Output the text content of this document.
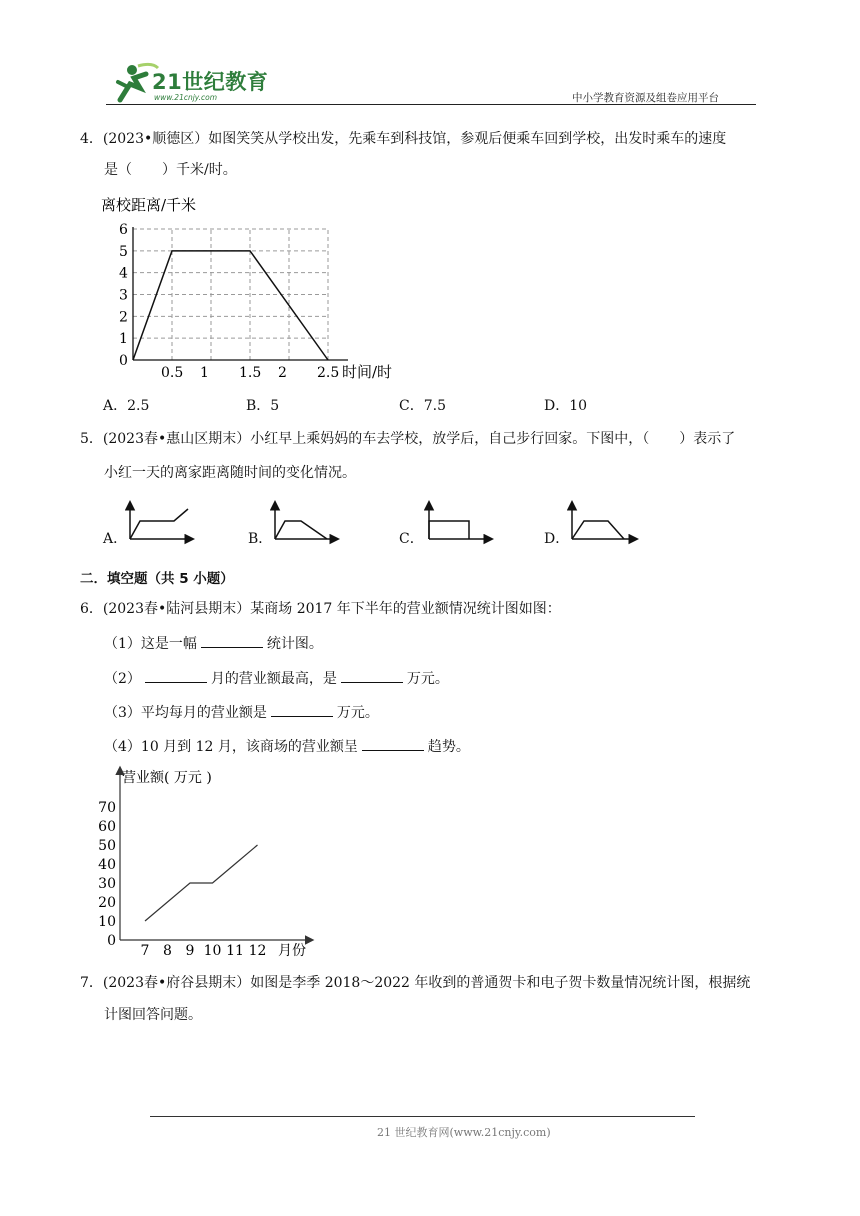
21世纪教育
www.21cnjy.com	中小学教育资源及组卷应用平台
4．(2023•顺德区）如图笑笑从学校出发，先乘车到科技馆，参观后便乘车回到学校，出发时乘车的速度
是（ ）千米/时。
离校距离/千米
0
1
2
3
4
5
6
0.5 1 1.5 2 2.5 时间/时
A．2.5	B．5	C．7.5	D．10
5．(2023春•惠山区期末）小红早上乘妈妈的车去学校，放学后，自己步行回家。下图中，（ ）表示了
小红一天的离家距离随时间的变化情况。
A．	B．	C．	D．
二．填空题（共 5 小题）
6．(2023春•陆河县期末）某商场 2017 年下半年的营业额情况统计图如图：
（1）这是一幅	统计图。
（2）	月的营业额最高，是	万元。
（3）平均每月的营业额是	万元。
（4）10 月到 12 月，该商场的营业额呈	趋势。
营业额( 万元 )
0
10
20
30
40
50
60
70
7 8 9 10 11 12 月份
7．(2023春•府谷县期末）如图是李季 2018～2022 年收到的普通贺卡和电子贺卡数量情况统计图，根据统
计图回答问题。
21 世纪教育网(www.21cnjy.com)
